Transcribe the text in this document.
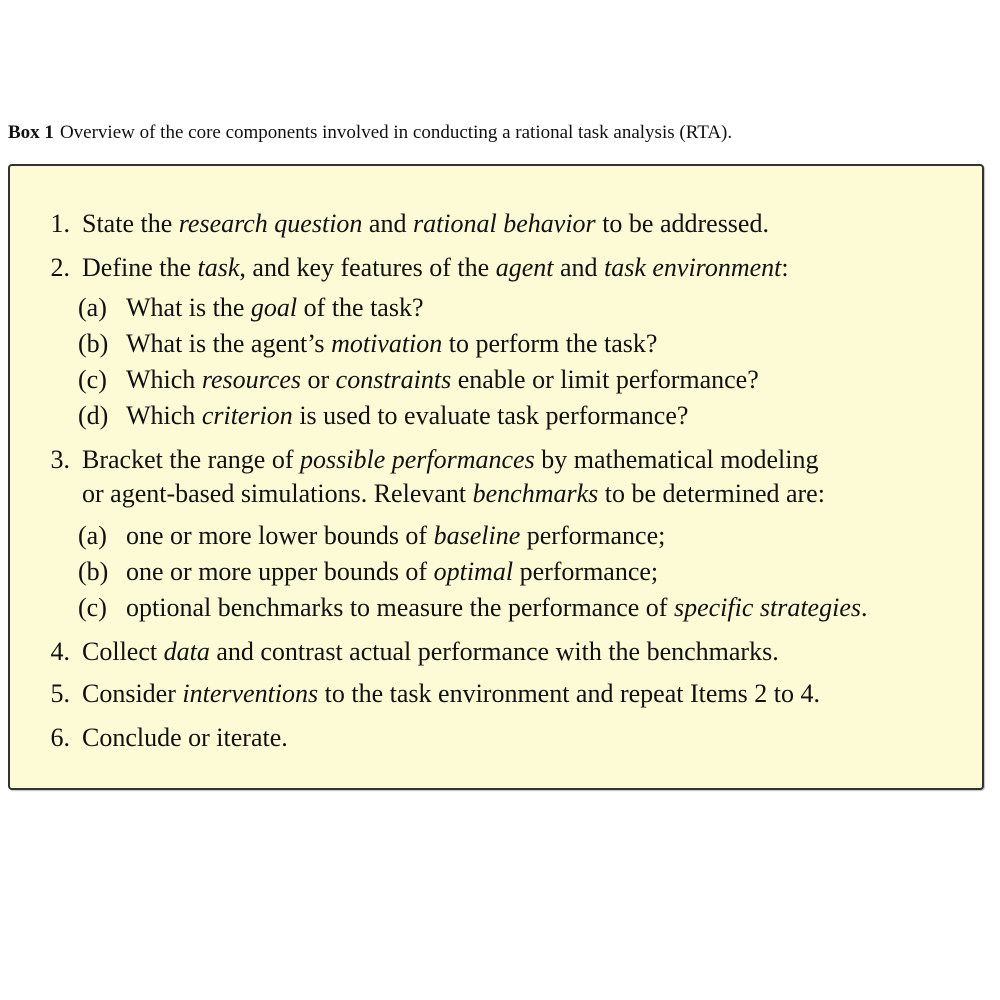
Box 1 Overview of the core components involved in conducting a rational task analysis (RTA).
1. State the research question and rational behavior to be addressed.
2. Define the task, and key features of the agent and task environment:
(a) What is the goal of the task?
(b) What is the agent’s motivation to perform the task?
(c) Which resources or constraints enable or limit performance?
(d) Which criterion is used to evaluate task performance?
3. Bracket the range of possible performances by mathematical modeling
or agent-based simulations. Relevant benchmarks to be determined are:
(a) one or more lower bounds of baseline performance;
(b) one or more upper bounds of optimal performance;
(c) optional benchmarks to measure the performance of specific strategies.
4. Collect data and contrast actual performance with the benchmarks.
5. Consider interventions to the task environment and repeat Items 2 to 4.
6. Conclude or iterate.
